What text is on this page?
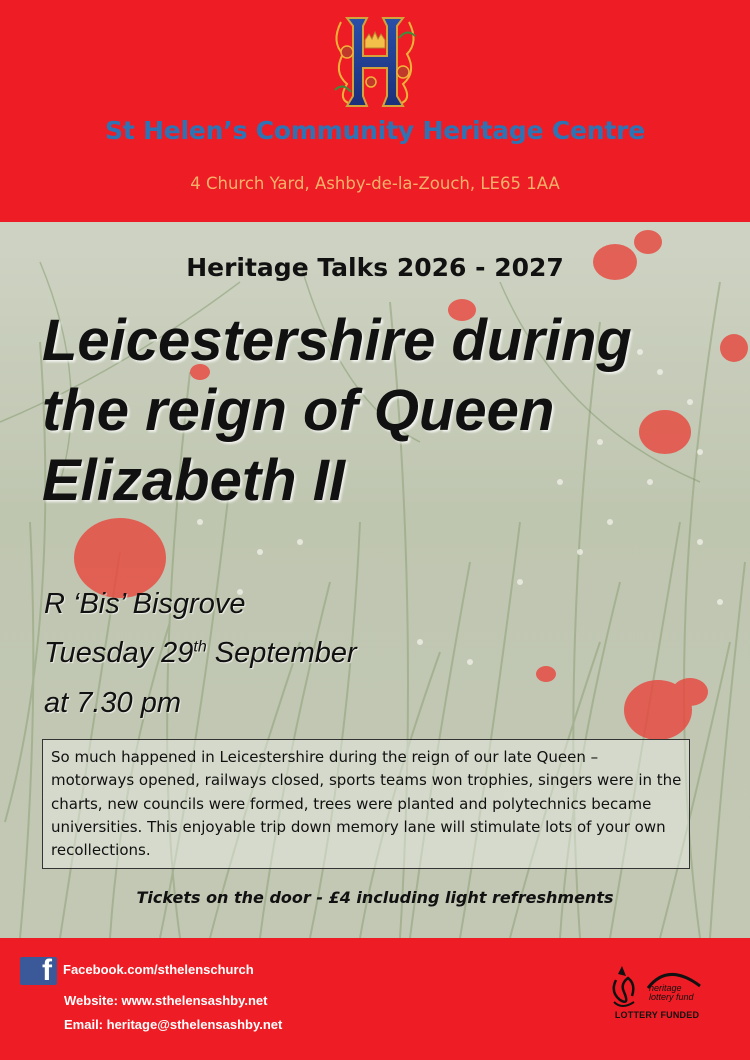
St Helen’s Community Heritage Centre
4 Church Yard, Ashby-de-la-Zouch, LE65 1AA
Heritage Talks 2026 - 2027
Leicestershire during
the reign of Queen
Elizabeth II
R ‘Bis’ Bisgrove
Tuesday 29th September
at 7.30 pm
So much happened in Leicestershire during the reign of our late Queen – motorways opened, railways closed, sports teams won trophies, singers were in the charts, new councils were formed, trees were planted and polytechnics became universities. This enjoyable trip down memory lane will stimulate lots of your own recollections.
Tickets on the door - £4 including light refreshments
f Facebook.com/sthelenschurch
Website: www.sthelensashby.net
Email: heritage@sthelensashby.net
heritage
lottery fund
LOTTERY FUNDED
